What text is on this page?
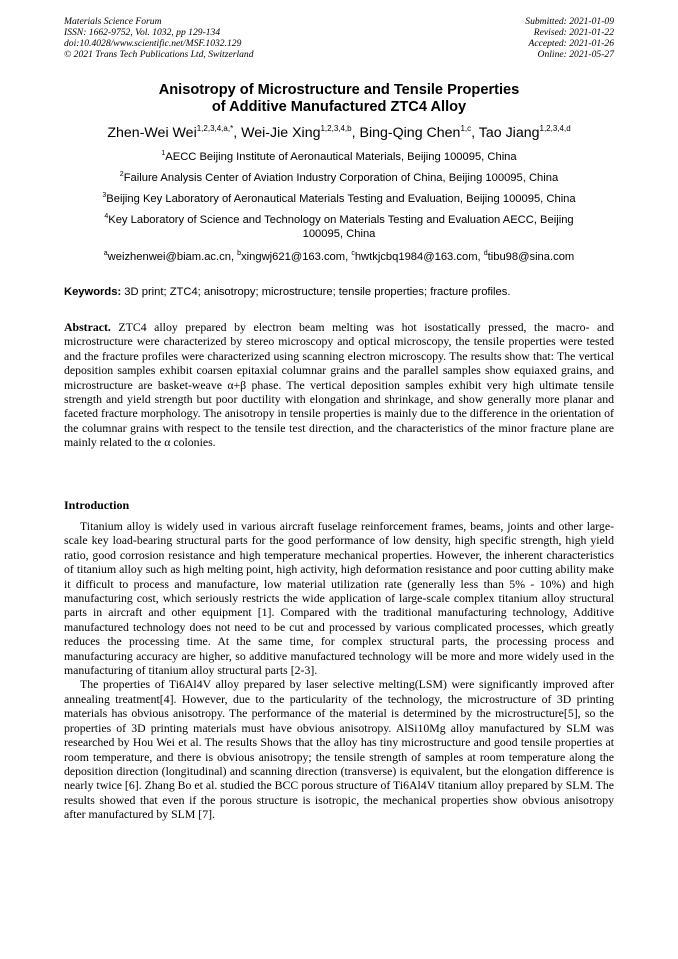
Materials Science Forum
ISSN: 1662-9752, Vol. 1032, pp 129-134
doi:10.4028/www.scientific.net/MSF.1032.129
© 2021 Trans Tech Publications Ltd, Switzerland
Submitted: 2021-01-09
Revised: 2021-01-22
Accepted: 2021-01-26
Online: 2021-05-27
Anisotropy of Microstructure and Tensile Properties
of Additive Manufactured ZTC4 Alloy
Zhen-Wei Wei$^{1,2,3,4,a,*}$, Wei-Jie Xing$^{1,2,3,4,b}$, Bing-Qing Chen$^{1,c}$, Tao Jiang$^{1,2,3,4,d}$
$^1$AECC Beijing Institute of Aeronautical Materials, Beijing 100095, China
$^2$Failure Analysis Center of Aviation Industry Corporation of China, Beijing 100095, China
$^3$Beijing Key Laboratory of Aeronautical Materials Testing and Evaluation, Beijing 100095, China
$^4$Key Laboratory of Science and Technology on Materials Testing and Evaluation AECC, Beijing 100095, China
$^a$weizhenwei@biam.ac.cn, $^b$xingwj621@163.com, $^c$hwtkjcbq1984@163.com, $^d$tibu98@sina.com
Keywords: 3D print; ZTC4; anisotropy; microstructure; tensile properties; fracture profiles.
Abstract. ZTC4 alloy prepared by electron beam melting was hot isostatically pressed, the macro- and microstructure were characterized by stereo microscopy and optical microscopy, the tensile properties were tested and the fracture profiles were characterized using scanning electron microscopy. The results show that: The vertical deposition samples exhibit coarsen epitaxial columnar grains and the parallel samples show equiaxed grains, and microstructure are basket-weave α+β phase. The vertical deposition samples exhibit very high ultimate tensile strength and yield strength but poor ductility with elongation and shrinkage, and show generally more planar and faceted fracture morphology. The anisotropy in tensile properties is mainly due to the difference in the orientation of the columnar grains with respect to the tensile test direction, and the characteristics of the minor fracture plane are mainly related to the α colonies.
Introduction

Titanium alloy is widely used in various aircraft fuselage reinforcement frames, beams, joints and other large-scale key load-bearing structural parts for the good performance of low density, high specific strength, high yield ratio, good corrosion resistance and high temperature mechanical properties. However, the inherent characteristics of titanium alloy such as high melting point, high activity, high deformation resistance and poor cutting ability make it difficult to process and manufacture, low material utilization rate (generally less than 5% - 10%) and high manufacturing cost, which seriously restricts the wide application of large-scale complex titanium alloy structural parts in aircraft and other equipment [1]. Compared with the traditional manufacturing technology, Additive manufactured technology does not need to be cut and processed by various complicated processes, which greatly reduces the processing time. At the same time, for complex structural parts, the processing process and manufacturing accuracy are higher, so additive manufactured technology will be more and more widely used in the manufacturing of titanium alloy structural parts [2-3].

The properties of Ti6Al4V alloy prepared by laser selective melting(LSM) were significantly improved after annealing treatment[4]. However, due to the particularity of the technology, the microstructure of 3D printing materials has obvious anisotropy. The performance of the material is determined by the microstructure[5], so the properties of 3D printing materials must have obvious anisotropy. AlSi10Mg alloy manufactured by SLM was researched by Hou Wei et al. The results Shows that the alloy has tiny microstructure and good tensile properties at room temperature, and there is obvious anisotropy; the tensile strength of samples at room temperature along the deposition direction (longitudinal) and scanning direction (transverse) is equivalent, but the elongation difference is nearly twice [6]. Zhang Bo et al. studied the BCC porous structure of Ti6Al4V titanium alloy prepared by SLM. The results showed that even if the porous structure is isotropic, the mechanical properties show obvious anisotropy after manufactured by SLM [7].
